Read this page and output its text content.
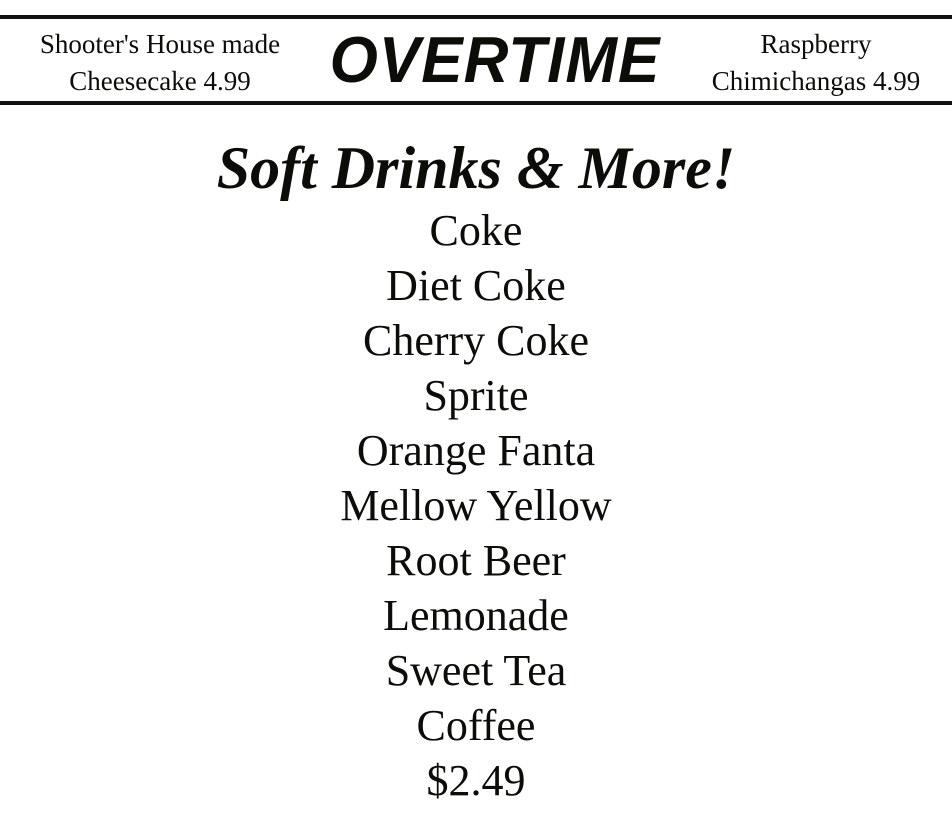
Shooter's House made
Cheesecake 4.99	OVERTIME	Raspberry
Chimichangas 4.99
Soft Drinks & More!
Coke
Diet Coke
Cherry Coke
Sprite
Orange Fanta
Mellow Yellow
Root Beer
Lemonade
Sweet Tea
Coffee
$2.49
